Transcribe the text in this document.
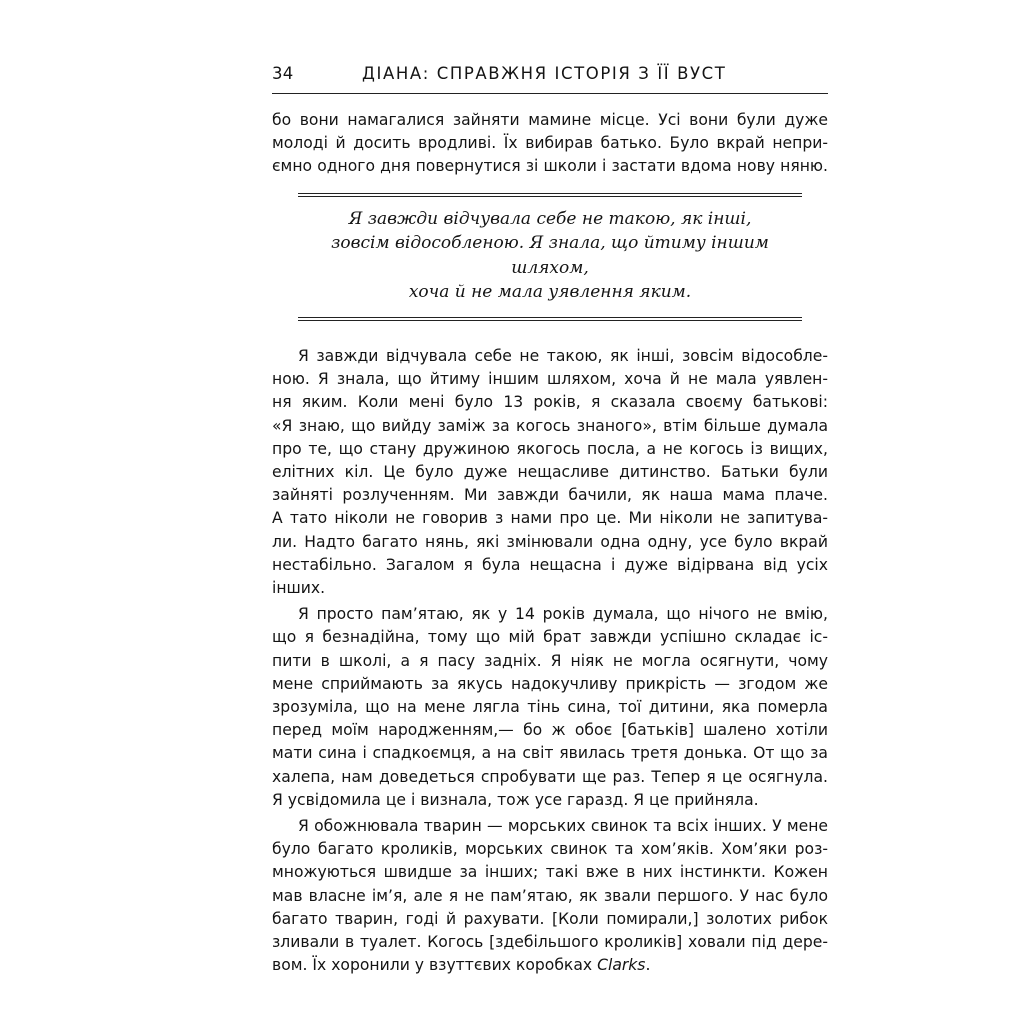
34	ДІАНА: СПРАВЖНЯ ІСТОРІЯ З ЇЇ ВУСТ
бо вони намагалися зайняти мамине місце. Усі вони були дуже
молоді й досить вродливі. Їх вибирав батько. Було вкрай непри-
ємно одного дня повернутися зі школи і застати вдома нову няню.
Я завжди відчувала себе не такою, як інші,
зовсім відособленою. Я знала, що йтиму іншим шляхом,
хоча й не мала уявлення яким.
Я завжди відчувала себе не такою, як інші, зовсім відособле-
ною. Я знала, що йтиму іншим шляхом, хоча й не мала уявлен-
ня яким. Коли мені було 13 років, я сказала своєму батькові:
«Я знаю, що вийду заміж за когось знаного», втім більше думала
про те, що стану дружиною якогось посла, а не когось із вищих,
елітних кіл. Це було дуже нещасливе дитинство. Батьки були
зайняті розлученням. Ми завжди бачили, як наша мама плаче.
А тато ніколи не говорив з нами про це. Ми ніколи не запитува-
ли. Надто багато нянь, які змінювали одна одну, усе було вкрай
нестабільно. Загалом я була нещасна і дуже відірвана від усіх
інших.
Я просто пам’ятаю, як у 14 років думала, що нічого не вмію,
що я безнадійна, тому що мій брат завжди успішно складає іс-
пити в школі, а я пасу задніх. Я ніяк не могла осягнути, чому
мене сприймають за якусь надокучливу прикрість — згодом же
зрозуміла, що на мене лягла тінь сина, тої дитини, яка померла
перед моїм народженням,— бо ж обоє [батьків] шалено хотіли
мати сина і спадкоємця, а на світ явилась третя донька. От що за
халепа, нам доведеться спробувати ще раз. Тепер я це осягнула.
Я усвідомила це і визнала, тож усе гаразд. Я це прийняла.
Я обожнювала тварин — морських свинок та всіх інших. У мене
було багато кроликів, морських свинок та хом’яків. Хом’яки роз-
множуються швидше за інших; такі вже в них інстинкти. Кожен
мав власне ім’я, але я не пам’ятаю, як звали першого. У нас було
багато тварин, годі й рахувати. [Коли помирали,] золотих рибок
зливали в туалет. Когось [здебільшого кроликів] ховали під дере-
вом. Їх хоронили у взуттєвих коробках Clarks.
